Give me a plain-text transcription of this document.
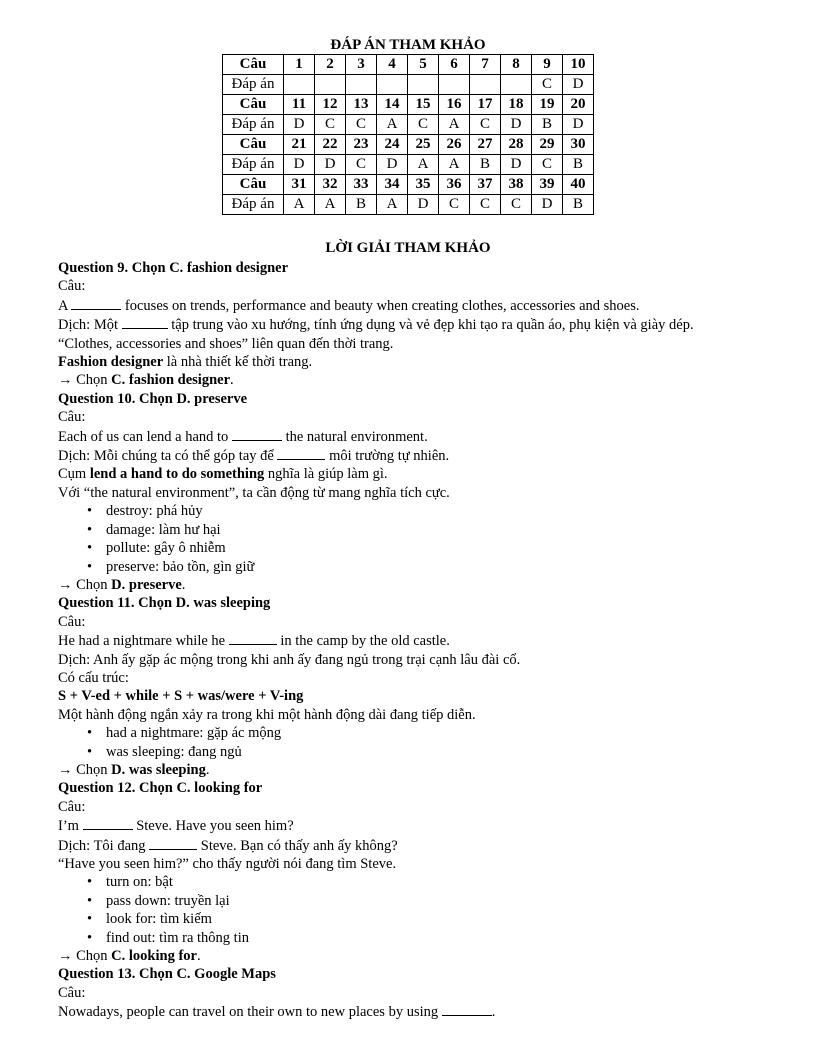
ĐÁP ÁN THAM KHẢO
Câu	1	2	3	4	5	6	7	8	9	10
Đáp án									C	D
Câu	11	12	13	14	15	16	17	18	19	20
Đáp án	D	C	C	A	C	A	C	D	B	D
Câu	21	22	23	24	25	26	27	28	29	30
Đáp án	D	D	C	D	A	A	B	D	C	B
Câu	31	32	33	34	35	36	37	38	39	40
Đáp án	A	A	B	A	D	C	C	C	D	B
LỜI GIẢI THAM KHẢO
Question 9. Chọn C. fashion designer
Câu:
A	focuses on trends, performance and beauty when creating clothes, accessories and shoes.
Dịch: Một	tập trung vào xu hướng, tính ứng dụng và vẻ đẹp khi tạo ra quần áo, phụ kiện và giày dép.
“Clothes, accessories and shoes” liên quan đến thời trang.
Fashion designer là nhà thiết kế thời trang.
→ Chọn C. fashion designer.
Question 10. Chọn D. preserve
Câu:
Each of us can lend a hand to	the natural environment.
Dịch: Mỗi chúng ta có thể góp tay để	môi trường tự nhiên.
Cụm lend a hand to do something nghĩa là giúp làm gì.
Với “the natural environment”, ta cần động từ mang nghĩa tích cực.
• destroy: phá hủy
• damage: làm hư hại
• pollute: gây ô nhiễm
• preserve: bảo tồn, gìn giữ
→ Chọn D. preserve.
Question 11. Chọn D. was sleeping
Câu:
He had a nightmare while he	in the camp by the old castle.
Dịch: Anh ấy gặp ác mộng trong khi anh ấy đang ngủ trong trại cạnh lâu đài cổ.
Có cấu trúc:
S + V-ed + while + S + was/were + V-ing
Một hành động ngắn xảy ra trong khi một hành động dài đang tiếp diễn.
• had a nightmare: gặp ác mộng
• was sleeping: đang ngủ
→ Chọn D. was sleeping.
Question 12. Chọn C. looking for
Câu:
I’m	Steve. Have you seen him?
Dịch: Tôi đang	Steve. Bạn có thấy anh ấy không?
“Have you seen him?” cho thấy người nói đang tìm Steve.
• turn on: bật
• pass down: truyền lại
• look for: tìm kiếm
• find out: tìm ra thông tin
→ Chọn C. looking for.
Question 13. Chọn C. Google Maps
Câu:
Nowadays, people can travel on their own to new places by using	.
